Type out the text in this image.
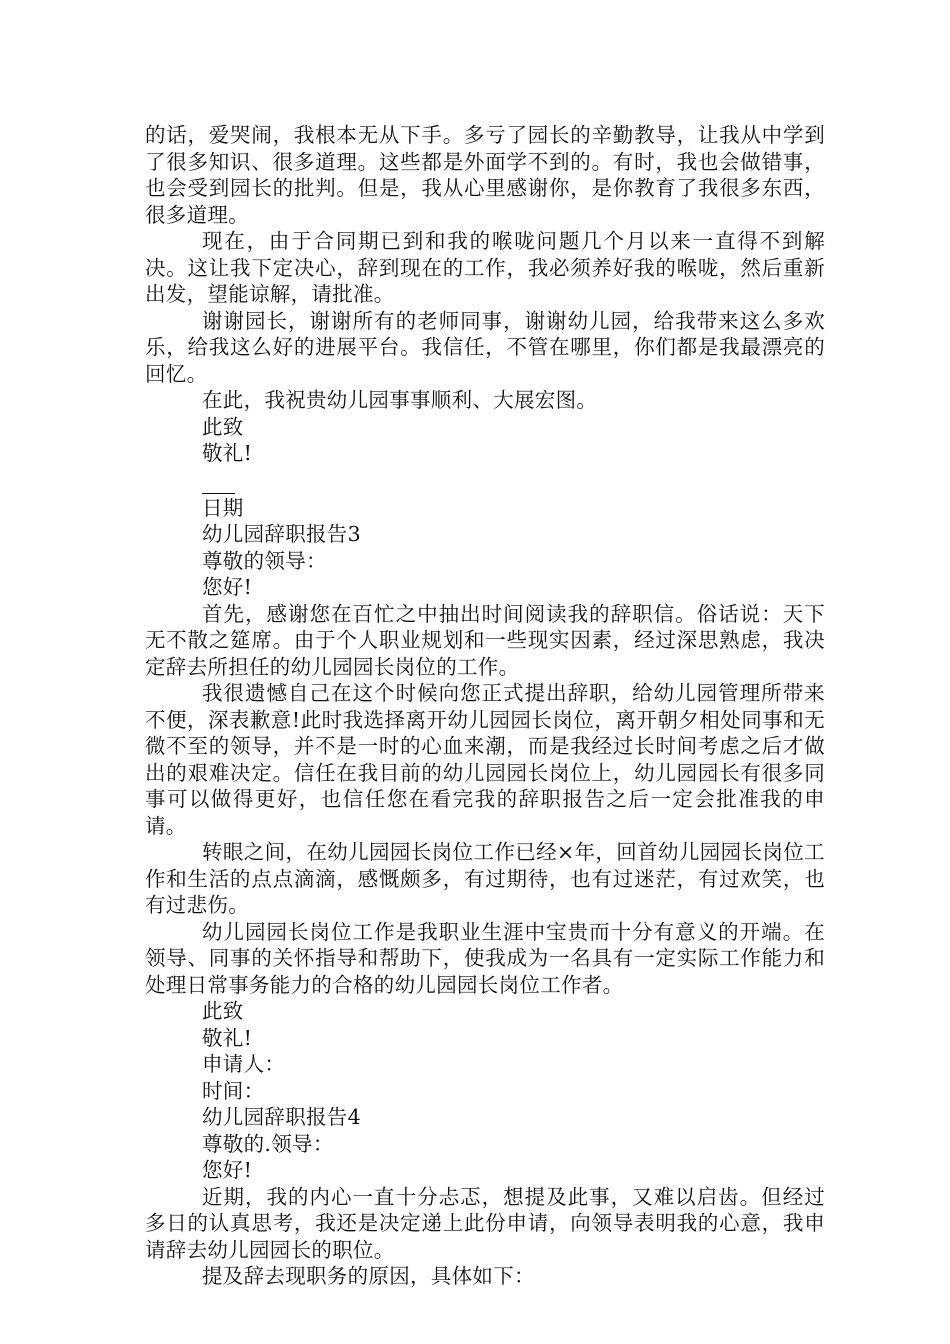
的话，爱哭闹，我根本无从下手。多亏了园长的辛勤教导，让我从中学到了很多知识、很多道理。这些都是外面学不到的。有时，我也会做错事，也会受到园长的批判。但是，我从心里感谢你，是你教育了我很多东西，很多道理。

现在，由于合同期已到和我的喉咙问题几个月以来一直得不到解决。这让我下定决心，辞到现在的工作，我必须养好我的喉咙，然后重新出发，望能谅解，请批准。

谢谢园长，谢谢所有的老师同事，谢谢幼儿园，给我带来这么多欢乐，给我这么好的进展平台。我信任，不管在哪里，你们都是我最漂亮的回忆。

在此，我祝贵幼儿园事事顺利、大展宏图。

此致

敬礼!

日期

幼儿园辞职报告3

尊敬的领导：

您好!

首先，感谢您在百忙之中抽出时间阅读我的辞职信。俗话说：天下无不散之筵席。由于个人职业规划和一些现实因素，经过深思熟虑，我决定辞去所担任的幼儿园园长岗位的工作。

我很遗憾自己在这个时候向您正式提出辞职，给幼儿园管理所带来不便，深表歉意!此时我选择离开幼儿园园长岗位，离开朝夕相处同事和无微不至的领导，并不是一时的心血来潮，而是我经过长时间考虑之后才做出的艰难决定。信任在我目前的幼儿园园长岗位上，幼儿园园长有很多同事可以做得更好，也信任您在看完我的辞职报告之后一定会批准我的申请。

转眼之间，在幼儿园园长岗位工作已经×年，回首幼儿园园长岗位工作和生活的点点滴滴，感慨颇多，有过期待，也有过迷茫，有过欢笑，也有过悲伤。

幼儿园园长岗位工作是我职业生涯中宝贵而十分有意义的开端。在领导、同事的关怀指导和帮助下，使我成为一名具有一定实际工作能力和处理日常事务能力的合格的幼儿园园长岗位工作者。

此致

敬礼!

申请人：

时间：

幼儿园辞职报告4

尊敬的.领导：

您好!

近期，我的内心一直十分忐忑，想提及此事，又难以启齿。但经过多日的认真思考，我还是决定递上此份申请，向领导表明我的心意，我申请辞去幼儿园园长的职位。

提及辞去现职务的原因，具体如下：
